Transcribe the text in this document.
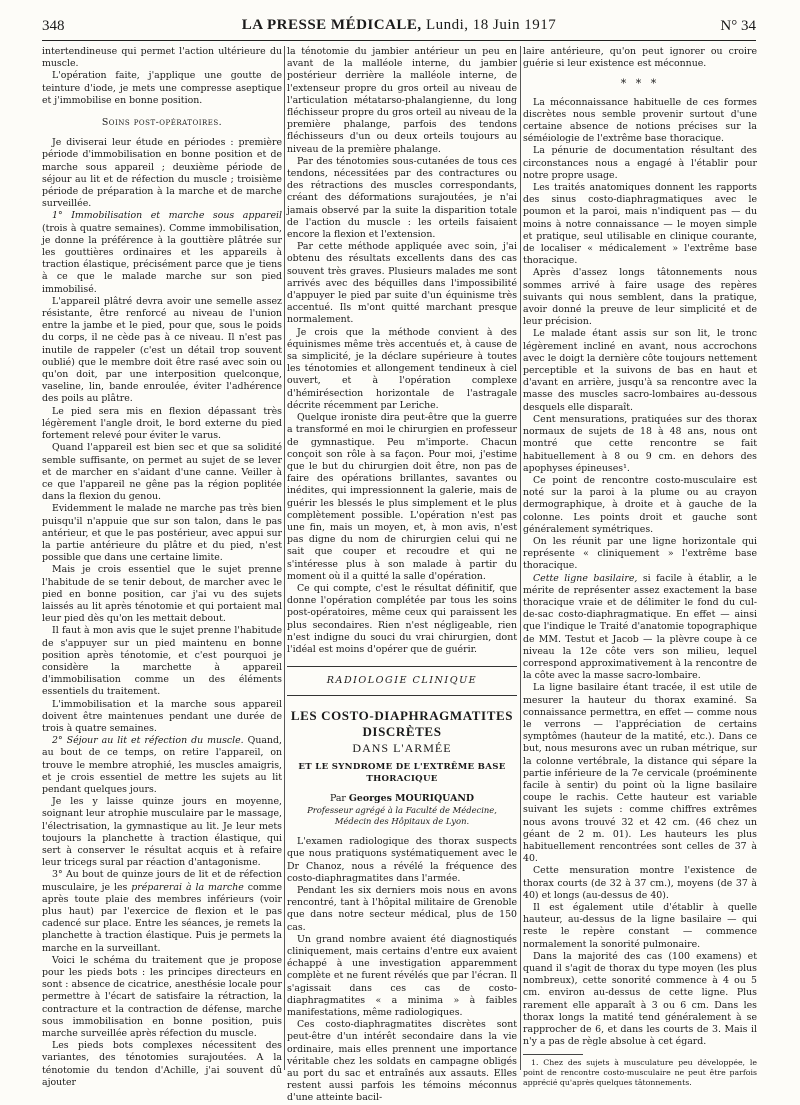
348	LA PRESSE MÉDICALE, Lundi, 18 Juin 1917	N° 34

intertendineuse qui permet l'action ultérieure du muscle.

L'opération faite, j'applique une goutte de teinture d'iode, je mets une compresse aseptique et j'immobilise en bonne position.

Soins post-opératoires.

Je diviserai leur étude en périodes : première période d'immobilisation en bonne position et de marche sous appareil ; deuxième période de séjour au lit et de réfection du muscle ; troisième période de préparation à la marche et de marche surveillée.

1° Immobilisation et marche sous appareil (trois à quatre semaines). Comme immobilisation, je donne la préférence à la gouttière plâtrée sur les gouttières ordinaires et les appareils à traction élastique, précisément parce que je tiens à ce que le malade marche sur son pied immobilisé.

L'appareil plâtré devra avoir une semelle assez résistante, être renforcé au niveau de l'union entre la jambe et le pied, pour que, sous le poids du corps, il ne cède pas à ce niveau. Il n'est pas inutile de rappeler (c'est un détail trop souvent oublié) que le membre doit être rasé avec soin ou qu'on doit, par une interposition quelconque, vaseline, lin, bande enroulée, éviter l'adhérence des poils au plâtre.

Le pied sera mis en flexion dépassant très légèrement l'angle droit, le bord externe du pied fortement relevé pour éviter le varus.

Quand l'appareil est bien sec et que sa solidité semble suffisante, on permet au sujet de se lever et de marcher en s'aidant d'une canne. Veiller à ce que l'appareil ne gêne pas la région poplitée dans la flexion du genou.

Evidemment le malade ne marche pas très bien puisqu'il n'appuie que sur son talon, dans le pas antérieur, et que le pas postérieur, avec appui sur la partie antérieure du plâtre et du pied, n'est possible que dans une certaine limite.

Mais je crois essentiel que le sujet prenne l'habitude de se tenir debout, de marcher avec le pied en bonne position, car j'ai vu des sujets laissés au lit après ténotomie et qui portaient mal leur pied dès qu'on les mettait debout.

Il faut à mon avis que le sujet prenne l'habitude de s'appuyer sur un pied maintenu en bonne position après ténotomie, et c'est pourquoi je considère la marchette à appareil d'immobilisation comme un des éléments essentiels du traitement.

L'immobilisation et la marche sous appareil doivent être maintenues pendant une durée de trois à quatre semaines.

2° Séjour au lit et réfection du muscle. Quand, au bout de ce temps, on retire l'appareil, on trouve le membre atrophié, les muscles amaigris, et je crois essentiel de mettre les sujets au lit pendant quelques jours.

Je les y laisse quinze jours en moyenne, soignant leur atrophie musculaire par le massage, l'électrisation, la gymnastique au lit. Je leur mets toujours la planchette à traction élastique, qui sert à conserver le résultat acquis et à refaire leur tricegs sural par réaction d'antagonisme.

3° Au bout de quinze jours de lit et de réfection musculaire, je les préparerai à la marche comme après toute plaie des membres inférieurs (voir plus haut) par l'exercice de flexion et le pas cadencé sur place. Entre les séances, je remets la planchette à traction élastique. Puis je permets la marche en la surveillant.

Voici le schéma du traitement que je propose pour les pieds bots : les principes directeurs en sont : absence de cicatrice, anesthésie locale pour permettre à l'écart de satisfaire la rétraction, la contracture et la contraction de défense, marche sous immobilisation en bonne position, puis marche surveillée après réfection du muscle.

Les pieds bots complexes nécessitent des variantes, des ténotomies surajoutées. A la ténotomie du tendon d'Achille, j'ai souvent dû ajouter

la ténotomie du jambier antérieur un peu en avant de la malléole interne, du jambier postérieur derrière la malléole interne, de l'extenseur propre du gros orteil au niveau de l'articulation métatarso-phalangienne, du long fléchisseur propre du gros orteil au niveau de la première phalange, parfois des tendons fléchisseurs d'un ou deux orteils toujours au niveau de la première phalange.

Par des ténotomies sous-cutanées de tous ces tendons, nécessitées par des contractures ou des rétractions des muscles correspondants, créant des déformations surajoutées, je n'ai jamais observé par la suite la disparition totale de l'action du muscle : les orteils faisaient encore la flexion et l'extension.

Par cette méthode appliquée avec soin, j'ai obtenu des résultats excellents dans des cas souvent très graves. Plusieurs malades me sont arrivés avec des béquilles dans l'impossibilité d'appuyer le pied par suite d'un équinisme très accentué. Ils m'ont quitté marchant presque normalement.

Je crois que la méthode convient à des équinismes même très accentués et, à cause de sa simplicité, je la déclare supérieure à toutes les ténotomies et allongement tendineux à ciel ouvert, et à l'opération complexe d'hémirésection horizontale de l'astragale décrite récemment par Leriche.

Quelque ironiste dira peut-être que la guerre a transformé en moi le chirurgien en professeur de gymnastique. Peu m'importe. Chacun conçoit son rôle à sa façon. Pour moi, j'estime que le but du chirurgien doit être, non pas de faire des opérations brillantes, savantes ou inédites, qui impressionnent la galerie, mais de guérir les blessés le plus simplement et le plus complètement possible. L'opération n'est pas une fin, mais un moyen, et, à mon avis, n'est pas digne du nom de chirurgien celui qui ne sait que couper et recoudre et qui ne s'intéresse plus à son malade à partir du moment où il a quitté la salle d'opération.

Ce qui compte, c'est le résultat définitif, que donne l'opération complétée par tous les soins post-opératoires, même ceux qui paraissent les plus secondaires. Rien n'est négligeable, rien n'est indigne du souci du vrai chirurgien, dont l'idéal est moins d'opérer que de guérir.

RADIOLOGIE CLINIQUE
LES COSTO-DIAPHRAGMATITES DISCRÈTES
DANS L'ARMÉE
ET LE SYNDROME DE L'EXTRÊME BASE THORACIQUE
Par Georges MOURIQUAND
Professeur agrégé à la Faculté de Médecine,
Médecin des Hôpitaux de Lyon.

L'examen radiologique des thorax suspects que nous pratiquons systématiquement avec le Dr Chanoz, nous a révélé la fréquence des costo-diaphragmatites dans l'armée.

Pendant les six derniers mois nous en avons rencontré, tant à l'hôpital militaire de Grenoble que dans notre secteur médical, plus de 150 cas.

Un grand nombre avaient été diagnostiqués cliniquement, mais certains d'entre eux avaient échappé à une investigation apparemment complète et ne furent révélés que par l'écran. Il s'agissait dans ces cas de costo-diaphragmatites « a minima » à faibles manifestations, même radiologiques.

Ces costo-diaphragmatites discrètes sont peut-être d'un intérêt secondaire dans la vie ordinaire, mais elles prennent une importance véritable chez les soldats en campagne obligés au port du sac et entraînés aux assauts. Elles restent aussi parfois les témoins méconnus d'une atteinte bacil-

laire antérieure, qu'on peut ignorer ou croire guérie si leur existence est méconnue.

* * *

La méconnaissance habituelle de ces formes discrètes nous semble provenir surtout d'une certaine absence de notions précises sur la séméiologie de l'extrême base thoracique.

La pénurie de documentation résultant des circonstances nous a engagé à l'établir pour notre propre usage.

Les traités anatomiques donnent les rapports des sinus costo-diaphragmatiques avec le poumon et la paroi, mais n'indiquent pas — du moins à notre connaissance — le moyen simple et pratique, seul utilisable en clinique courante, de localiser « médicalement » l'extrême base thoracique.

Après d'assez longs tâtonnements nous sommes arrivé à faire usage des repères suivants qui nous semblent, dans la pratique, avoir donné la preuve de leur simplicité et de leur précision.

Le malade étant assis sur son lit, le tronc légèrement incliné en avant, nous accrochons avec le doigt la dernière côte toujours nettement perceptible et la suivons de bas en haut et d'avant en arrière, jusqu'à sa rencontre avec la masse des muscles sacro-lombaires au-dessous desquels elle disparaît.

Cent mensurations, pratiquées sur des thorax normaux de sujets de 18 à 48 ans, nous ont montré que cette rencontre se fait habituellement à 8 ou 9 cm. en dehors des apophyses épineuses¹.

Ce point de rencontre costo-musculaire est noté sur la paroi à la plume ou au crayon dermographique, à droite et à gauche de la colonne. Les points droit et gauche sont généralement symétriques.

On les réunit par une ligne horizontale qui représente « cliniquement » l'extrême base thoracique.

Cette ligne basilaire, si facile à établir, a le mérite de représenter assez exactement la base thoracique vraie et de délimiter le fond du cul-de-sac costo-diaphragmatique. En effet — ainsi que l'indique le Traité d'anatomie topographique de MM. Testut et Jacob — la plèvre coupe à ce niveau la 12e côte vers son milieu, lequel correspond approximativement à la rencontre de la côte avec la masse sacro-lombaire.

La ligne basilaire étant tracée, il est utile de mesurer la hauteur du thorax examiné. Sa connaissance permettra, en effet — comme nous le verrons — l'appréciation de certains symptômes (hauteur de la matité, etc.). Dans ce but, nous mesurons avec un ruban métrique, sur la colonne vertébrale, la distance qui sépare la partie inférieure de la 7e cervicale (proéminente facile à sentir) du point où la ligne basilaire coupe le rachis. Cette hauteur est variable suivant les sujets : comme chiffres extrêmes nous avons trouvé 32 et 42 cm. (46 chez un géant de 2 m. 01). Les hauteurs les plus habituellement rencontrées sont celles de 37 à 40.

Cette mensuration montre l'existence de thorax courts (de 32 à 37 cm.), moyens (de 37 à 40) et longs (au-dessus de 40).

Il est également utile d'établir à quelle hauteur, au-dessus de la ligne basilaire — qui reste le repère constant — commence normalement la sonorité pulmonaire.

Dans la majorité des cas (100 examens) et quand il s'agit de thorax du type moyen (les plus nombreux), cette sonorité commence à 4 ou 5 cm. environ au-dessus de cette ligne. Plus rarement elle apparaît à 3 ou 6 cm. Dans les thorax longs la matité tend généralement à se rapprocher de 6, et dans les courts de 3. Mais il n'y a pas de règle absolue à cet égard.

1. Chez des sujets à musculature peu développée, le point de rencontre costo-musculaire ne peut être parfois apprécié qu'après quelques tâtonnements.
